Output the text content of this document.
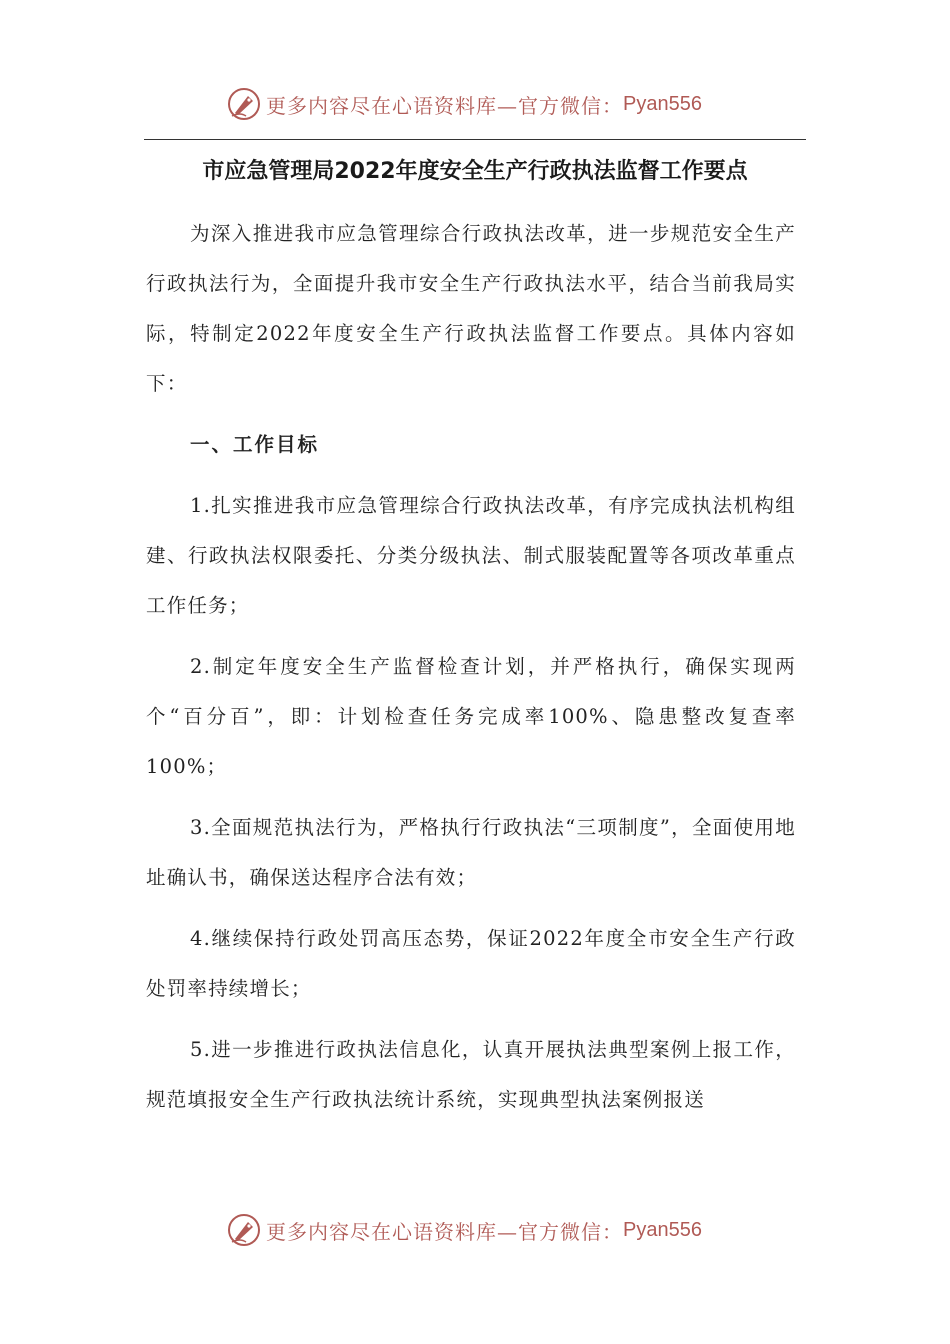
更多内容尽在心语资料库—官方微信： Pyan556
市应急管理局2022年度安全生产行政执法监督工作要点

为深入推进我市应急管理综合行政执法改革，进一步规范安全生产行政执法行为，全面提升我市安全生产行政执法水平，结合当前我局实际，特制定2022年度安全生产行政执法监督工作要点。具体内容如下：

一、工作目标

1.扎实推进我市应急管理综合行政执法改革，有序完成执法机构组建、行政执法权限委托、分类分级执法、制式服装配置等各项改革重点工作任务；

2.制定年度安全生产监督检查计划，并严格执行，确保实现两个“百分百”，即：计划检查任务完成率100%、隐患整改复查率100%；

3.全面规范执法行为，严格执行行政执法“三项制度”，全面使用地址确认书，确保送达程序合法有效；

4.继续保持行政处罚高压态势，保证2022年度全市安全生产行政处罚率持续增长；

5.进一步推进行政执法信息化，认真开展执法典型案例上报工作，规范填报安全生产行政执法统计系统，实现典型执法案例报送

更多内容尽在心语资料库—官方微信： Pyan556
